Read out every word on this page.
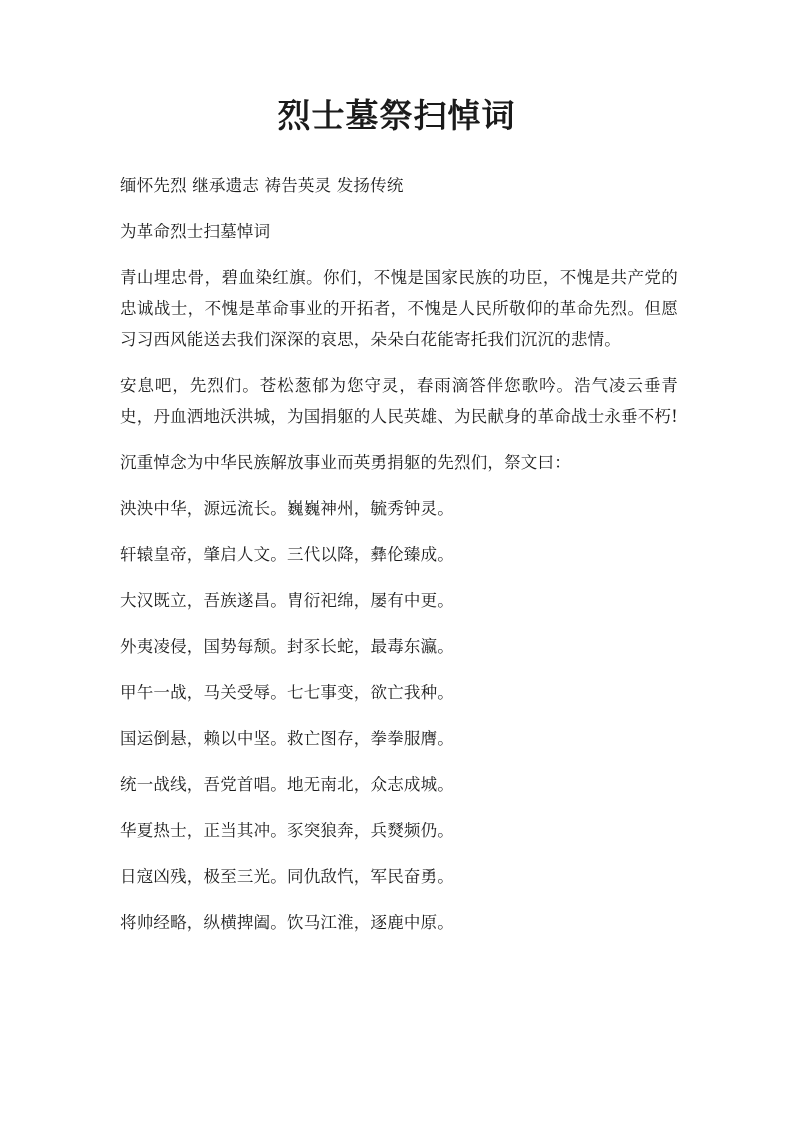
烈士墓祭扫悼词

缅怀先烈 继承遗志 祷告英灵 发扬传统

为革命烈士扫墓悼词

青山埋忠骨，碧血染红旗。你们，不愧是国家民族的功臣，不愧是共产党的忠诚战士，不愧是革命事业的开拓者，不愧是人民所敬仰的革命先烈。但愿习习西风能送去我们深深的哀思，朵朵白花能寄托我们沉沉的悲情。

安息吧，先烈们。苍松葱郁为您守灵，春雨滴答伴您歌吟。浩气凌云垂青史，丹血洒地沃洪城，为国捐躯的人民英雄、为民献身的革命战士永垂不朽!

沉重悼念为中华民族解放事业而英勇捐躯的先烈们，祭文曰：

泱泱中华，源远流长。巍巍神州，毓秀钟灵。

轩辕皇帝，肇启人文。三代以降，彝伦臻成。

大汉既立，吾族遂昌。胄衍祀绵，屡有中更。

外夷凌侵，国势每颓。封豕长蛇，最毒东瀛。

甲午一战，马关受辱。七七事变，欲亡我种。

国运倒悬，赖以中坚。救亡图存，拳拳服膺。

统一战线，吾党首唱。地无南北，众志成城。

华夏热士，正当其冲。豕突狼奔，兵燹频仍。

日寇凶残，极至三光。同仇敌忾，军民奋勇。

将帅经略，纵横捭阖。饮马江淮，逐鹿中原。
